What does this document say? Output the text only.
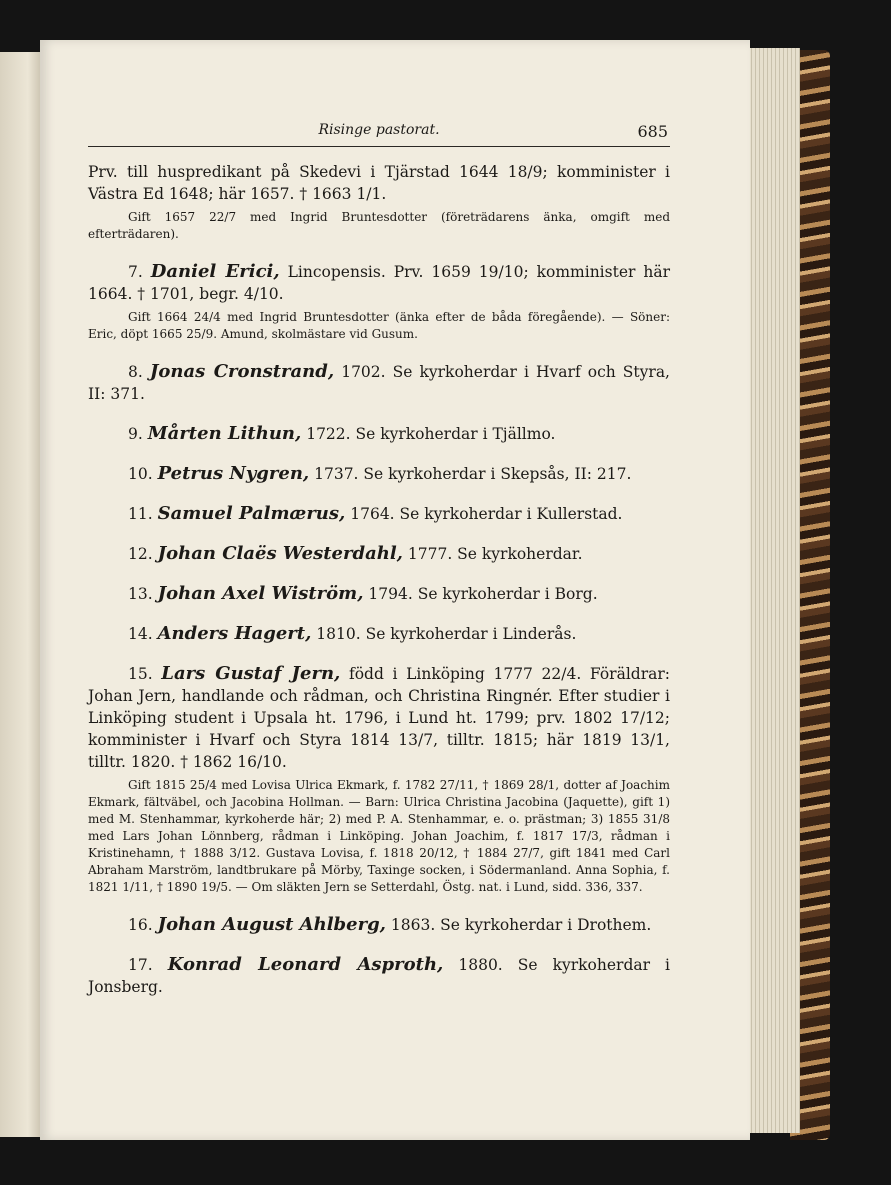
Risinge pastorat.	685

Prv. till huspredikant på Skedevi i Tjärstad 1644 18/9; komminister i Västra Ed 1648; här 1657. † 1663 1/1.

Gift 1657 22/7 med Ingrid Bruntesdotter (företrädarens änka, omgift med efterträdaren).

7. Daniel Erici, Lincopensis. Prv. 1659 19/10; komminister här 1664. † 1701, begr. 4/10.

Gift 1664 24/4 med Ingrid Bruntesdotter (änka efter de båda föregående). — Söner: Eric, döpt 1665 25/9. Amund, skolmästare vid Gusum.

8. Jonas Cronstrand, 1702. Se kyrkoherdar i Hvarf och Styra, II: 371.

9. Mårten Lithun, 1722. Se kyrkoherdar i Tjällmo.

10. Petrus Nygren, 1737. Se kyrkoherdar i Skepsås, II: 217.

11. Samuel Palmærus, 1764. Se kyrkoherdar i Kullerstad.

12. Johan Claës Westerdahl, 1777. Se kyrkoherdar.

13. Johan Axel Wiström, 1794. Se kyrkoherdar i Borg.

14. Anders Hagert, 1810. Se kyrkoherdar i Linderås.

15. Lars Gustaf Jern, född i Linköping 1777 22/4. Föräldrar: Johan Jern, handlande och rådman, och Christina Ringnér. Efter studier i Linköping student i Upsala ht. 1796, i Lund ht. 1799; prv. 1802 17/12; komminister i Hvarf och Styra 1814 13/7, tilltr. 1815; här 1819 13/1, tilltr. 1820. † 1862 16/10.

Gift 1815 25/4 med Lovisa Ulrica Ekmark, f. 1782 27/11, † 1869 28/1, dotter af Joachim Ekmark, fältväbel, och Jacobina Hollman. — Barn: Ulrica Christina Jacobina (Jaquette), gift 1) med M. Stenhammar, kyrkoherde här; 2) med P. A. Stenhammar, e. o. prästman; 3) 1855 31/8 med Lars Johan Lönnberg, rådman i Linköping. Johan Joachim, f. 1817 17/3, rådman i Kristinehamn, † 1888 3/12. Gustava Lovisa, f. 1818 20/12, † 1884 27/7, gift 1841 med Carl Abraham Marström, landtbrukare på Mörby, Taxinge socken, i Södermanland. Anna Sophia, f. 1821 1/11, † 1890 19/5. — Om släkten Jern se Setterdahl, Östg. nat. i Lund, sidd. 336, 337.

16. Johan August Ahlberg, 1863. Se kyrkoherdar i Drothem.

17. Konrad Leonard Asproth, 1880. Se kyrkoherdar i Jonsberg.
